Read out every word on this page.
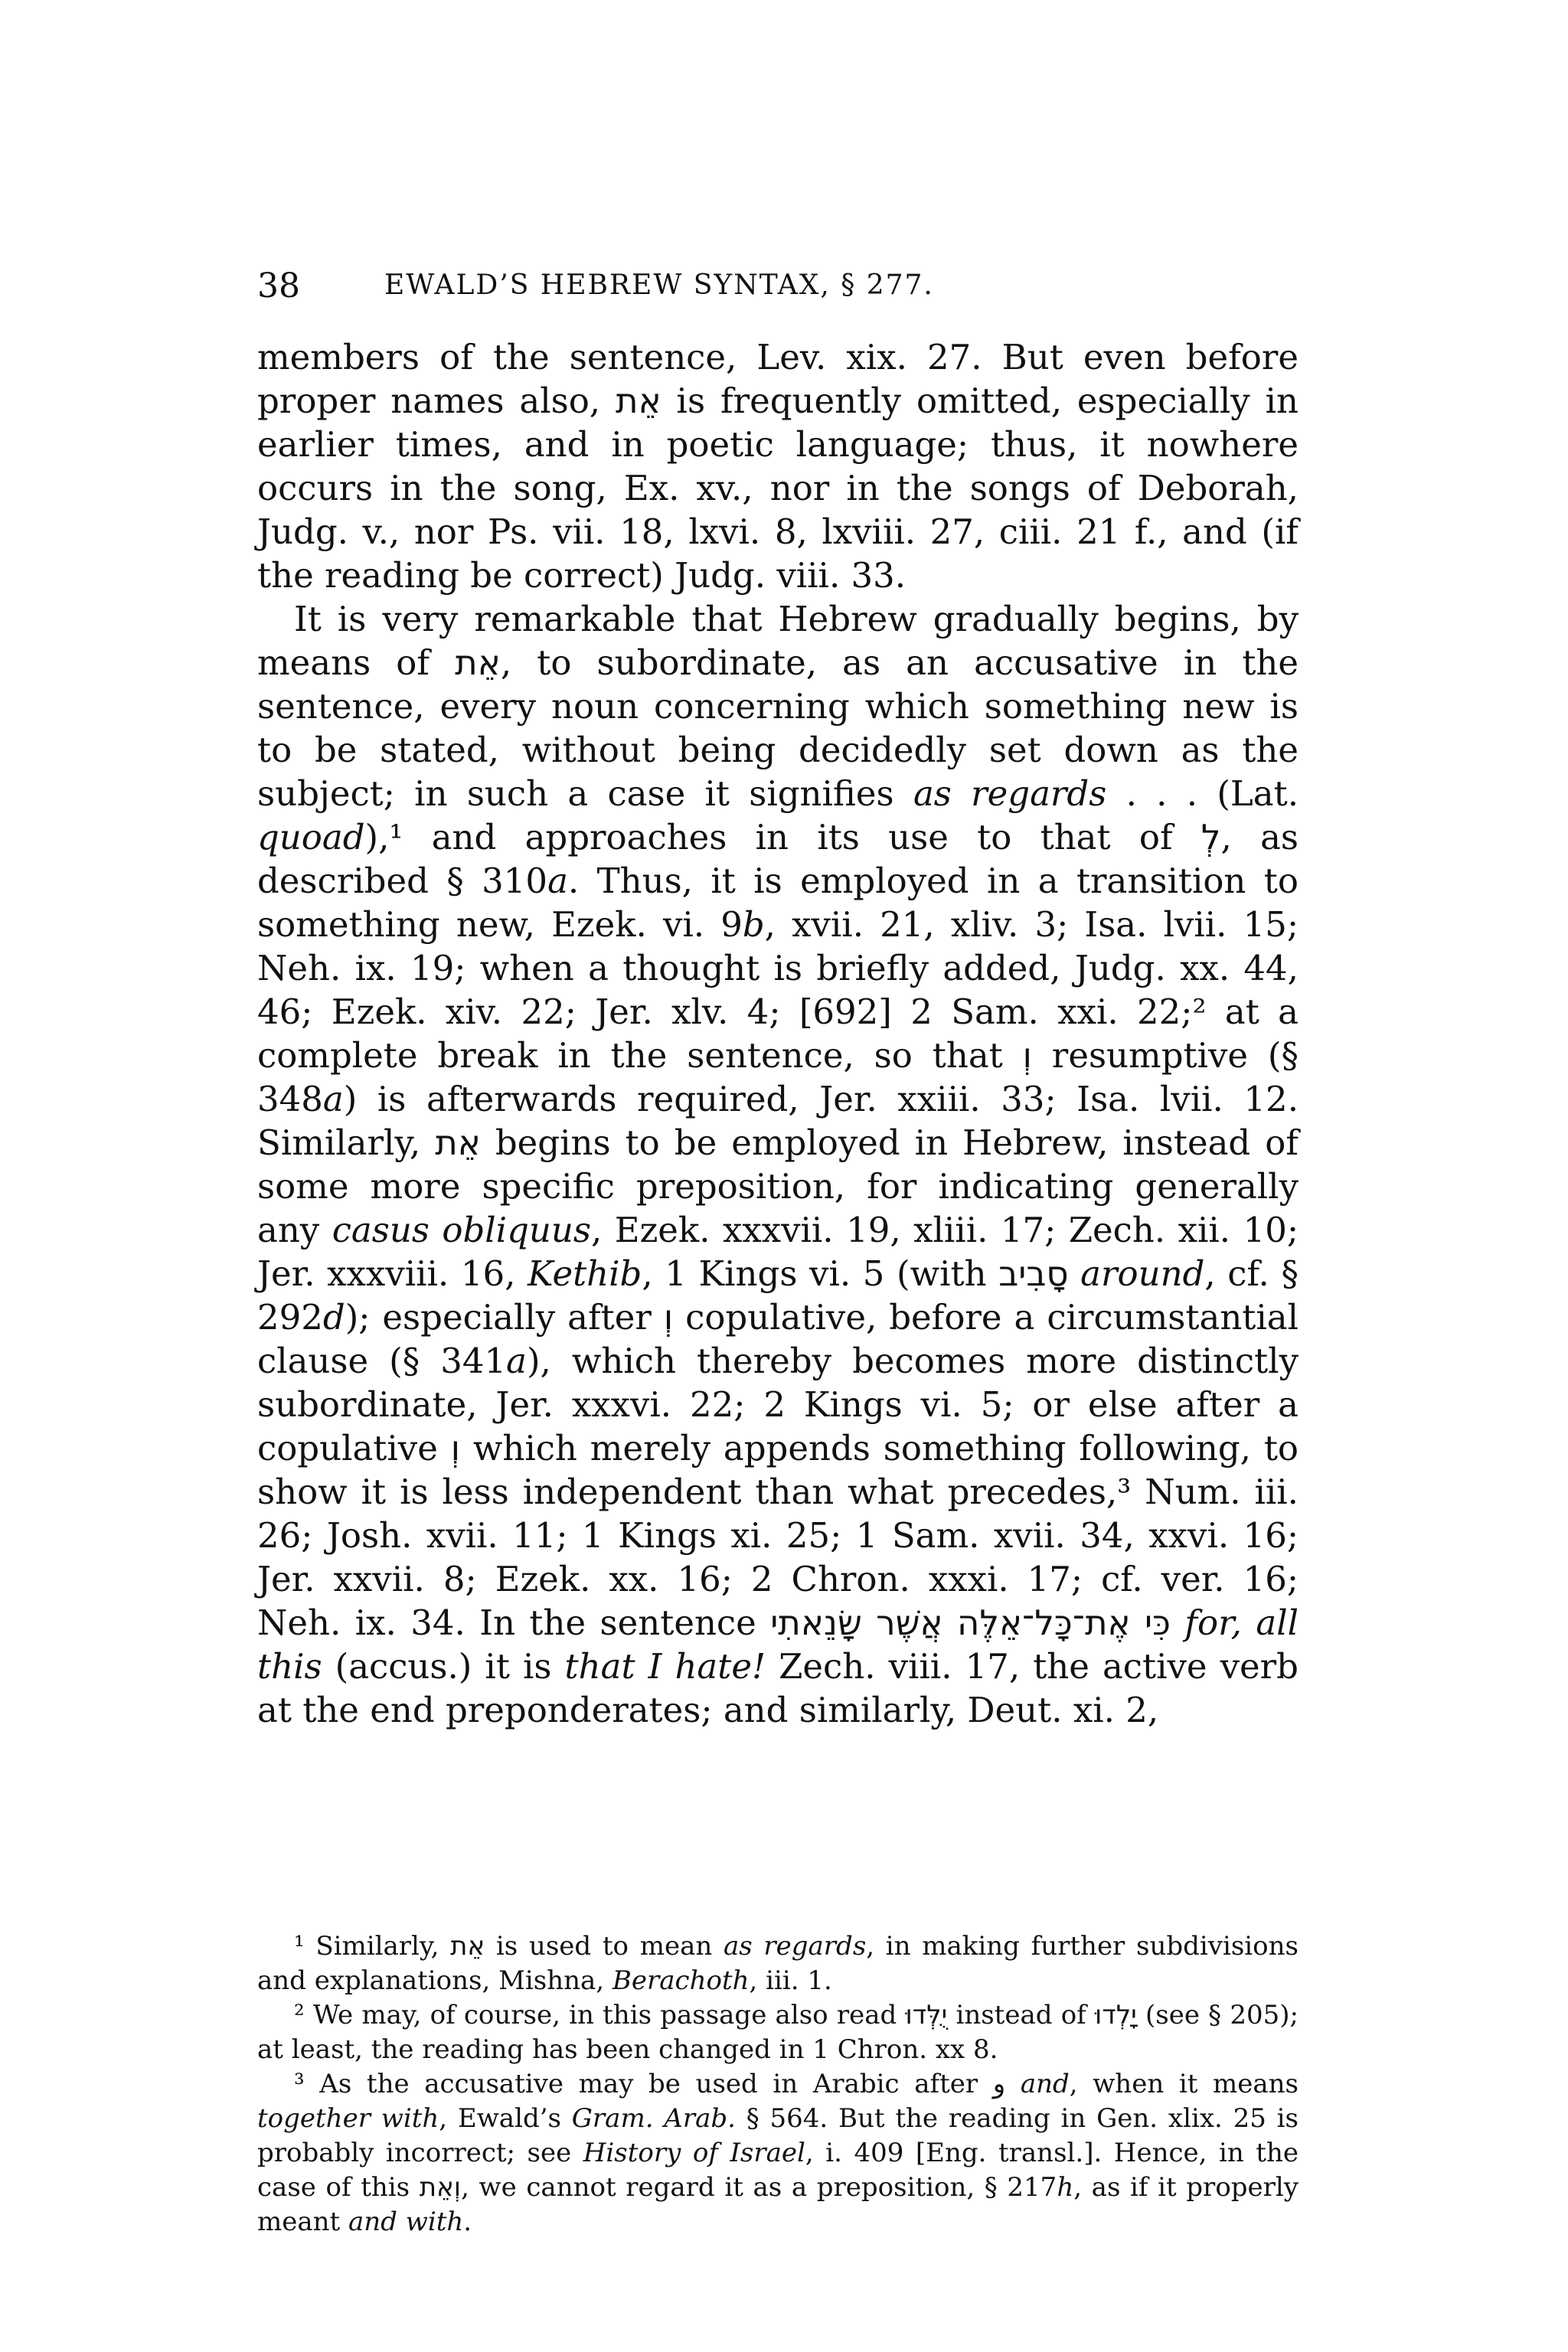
38	EWALD’S HEBREW SYNTAX, § 277.

members of the sentence, Lev. xix. 27. But even before proper names also, אֵת is frequently omitted, especially in earlier times, and in poetic language; thus, it nowhere occurs in the song, Ex. xv., nor in the songs of Deborah, Judg. v., nor Ps. vii. 18, lxvi. 8, lxviii. 27, ciii. 21 f., and (if the reading be correct) Judg. viii. 33.

It is very remarkable that Hebrew gradually begins, by means of אֵת, to subordinate, as an accusative in the sentence, every noun concerning which something new is to be stated, without being decidedly set down as the subject; in such a case it signifies as regards . . . (Lat. quoad),¹ and approaches in its use to that of לְ, as described § 310a. Thus, it is employed in a transition to something new, Ezek. vi. 9b, xvii. 21, xliv. 3; Isa. lvii. 15; Neh. ix. 19; when a thought is briefly added, Judg. xx. 44, 46; Ezek. xiv. 22; Jer. xlv. 4; [692] 2 Sam. xxi. 22;² at a complete break in the sentence, so that וְ resumptive (§ 348a) is afterwards required, Jer. xxiii. 33; Isa. lvii. 12. Similarly, אֵת begins to be employed in Hebrew, instead of some more specific preposition, for indicating generally any casus obliquus, Ezek. xxxvii. 19, xliii. 17; Zech. xii. 10; Jer. xxxviii. 16, Kethib, 1 Kings vi. 5 (with סָבִיב around, cf. § 292d); especially after וְ copulative, before a circumstantial clause (§ 341a), which thereby becomes more distinctly subordinate, Jer. xxxvi. 22; 2 Kings vi. 5; or else after a copulative וְ which merely appends something following, to show it is less independent than what precedes,³ Num. iii. 26; Josh. xvii. 11; 1 Kings xi. 25; 1 Sam. xvii. 34, xxvi. 16; Jer. xxvii. 8; Ezek. xx. 16; 2 Chron. xxxi. 17; cf. ver. 16; Neh. ix. 34. In the sentence כִּי אֶת־כָּל־אֵלֶּה אֲשֶׁר שָׂנֵאתִי for, all this (accus.) it is that I hate! Zech. viii. 17, the active verb at the end preponderates; and similarly, Deut. xi. 2,

¹ Similarly, אֵת is used to mean as regards, in making further subdivisions and explanations, Mishna, Berachoth, iii. 1.

² We may, of course, in this passage also read יֻלְּדוּ instead of יָלְדוּ (see § 205); at least, the reading has been changed in 1 Chron. xx 8.

³ As the accusative may be used in Arabic after و and, when it means together with, Ewald’s Gram. Arab. § 564. But the reading in Gen. xlix. 25 is probably incorrect; see History of Israel, i. 409 [Eng. transl.]. Hence, in the case of this וְאֵת, we cannot regard it as a preposition, § 217h, as if it properly meant and with.
